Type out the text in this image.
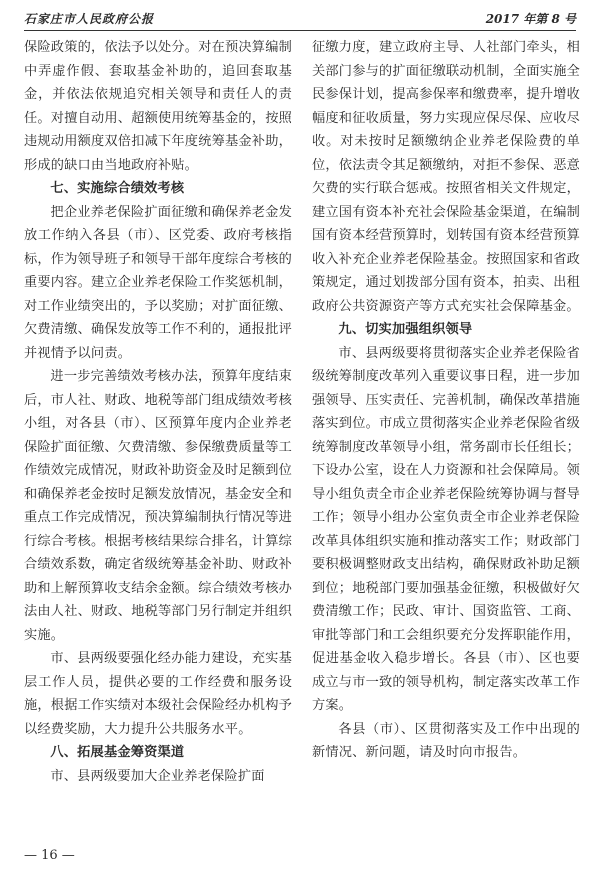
石家庄市人民政府公报	2017 年第 8 号

保险政策的，依法予以处分。对在预决算编制中弄虚作假、套取基金补助的，追回套取基金，并依法依规追究相关领导和责任人的责任。对擅自动用、超额使用统筹基金的，按照违规动用额度双倍扣减下年度统筹基金补助，形成的缺口由当地政府补贴。

七、实施综合绩效考核

把企业养老保险扩面征缴和确保养老金发放工作纳入各县（市）、区党委、政府考核指标，作为领导班子和领导干部年度综合考核的重要内容。建立企业养老保险工作奖惩机制，对工作业绩突出的，予以奖励；对扩面征缴、欠费清缴、确保发放等工作不利的，通报批评并视情予以问责。

进一步完善绩效考核办法，预算年度结束后，市人社、财政、地税等部门组成绩效考核小组，对各县（市）、区预算年度内企业养老保险扩面征缴、欠费清缴、参保缴费质量等工作绩效完成情况，财政补助资金及时足额到位和确保养老金按时足额发放情况，基金安全和重点工作完成情况，预决算编制执行情况等进行综合考核。根据考核结果综合排名，计算综合绩效系数，确定省级统筹基金补助、财政补助和上解预算收支结余金额。综合绩效考核办法由人社、财政、地税等部门另行制定并组织实施。

市、县两级要强化经办能力建设，充实基层工作人员，提供必要的工作经费和服务设施，根据工作实绩对本级社会保险经办机构予以经费奖励，大力提升公共服务水平。

八、拓展基金筹资渠道

市、县两级要加大企业养老保险扩面

征缴力度，建立政府主导、人社部门牵头，相关部门参与的扩面征缴联动机制，全面实施全民参保计划，提高参保率和缴费率，提升增收幅度和征收质量，努力实现应保尽保、应收尽收。对未按时足额缴纳企业养老保险费的单位，依法责令其足额缴纳，对拒不参保、恶意欠费的实行联合惩戒。按照省相关文件规定，建立国有资本补充社会保险基金渠道，在编制国有资本经营预算时，划转国有资本经营预算收入补充企业养老保险基金。按照国家和省政策规定，通过划拨部分国有资本，拍卖、出租政府公共资源资产等方式充实社会保障基金。

九、切实加强组织领导

市、县两级要将贯彻落实企业养老保险省级统筹制度改革列入重要议事日程，进一步加强领导、压实责任、完善机制，确保改革措施落实到位。市成立贯彻落实企业养老保险省级统筹制度改革领导小组，常务副市长任组长；下设办公室，设在人力资源和社会保障局。领导小组负责全市企业养老保险统筹协调与督导工作；领导小组办公室负责全市企业养老保险改革具体组织实施和推动落实工作；财政部门要积极调整财政支出结构，确保财政补助足额到位；地税部门要加强基金征缴，积极做好欠费清缴工作；民政、审计、国资监管、工商、审批等部门和工会组织要充分发挥职能作用，促进基金收入稳步增长。各县（市）、区也要成立与市一致的领导机构，制定落实改革工作方案。

各县（市）、区贯彻落实及工作中出现的新情况、新问题，请及时向市报告。

— 16 —
